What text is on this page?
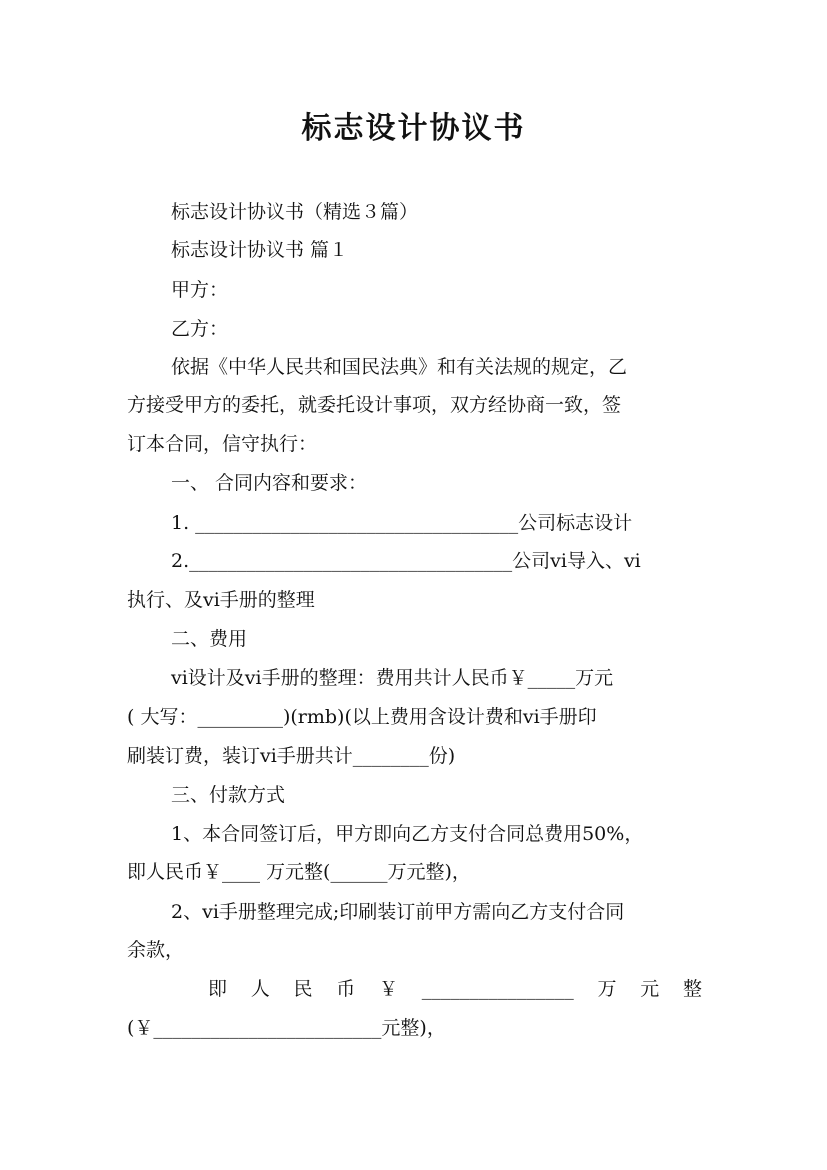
标志设计协议书
标志设计协议书（精选３篇）
标志设计协议书 篇１
甲方：
乙方：
依据《中华人民共和国民法典》和有关法规的规定，乙
方接受甲方的委托，就委托设计事项，双方经协商一致，签
订本合同，信守执行：
一、 合同内容和要求：
1. __________________________________公司标志设计
2.__________________________________公司vi导入、vi
执行、及vi手册的整理
二、费用
vi设计及vi手册的整理：费用共计人民币￥_____万元
( 大写：_________)(rmb)(以上费用含设计费和vi手册印
刷装订费，装订vi手册共计________份)
三、付款方式
1、本合同签订后，甲方即向乙方支付合同总费用50%，
即人民币￥____ 万元整(______万元整)，
2、vi手册整理完成;印刷装订前甲方需向乙方支付合同
余款，
即 人 民 币 ￥ ________________ 万 元 整
(￥________________________元整)，
